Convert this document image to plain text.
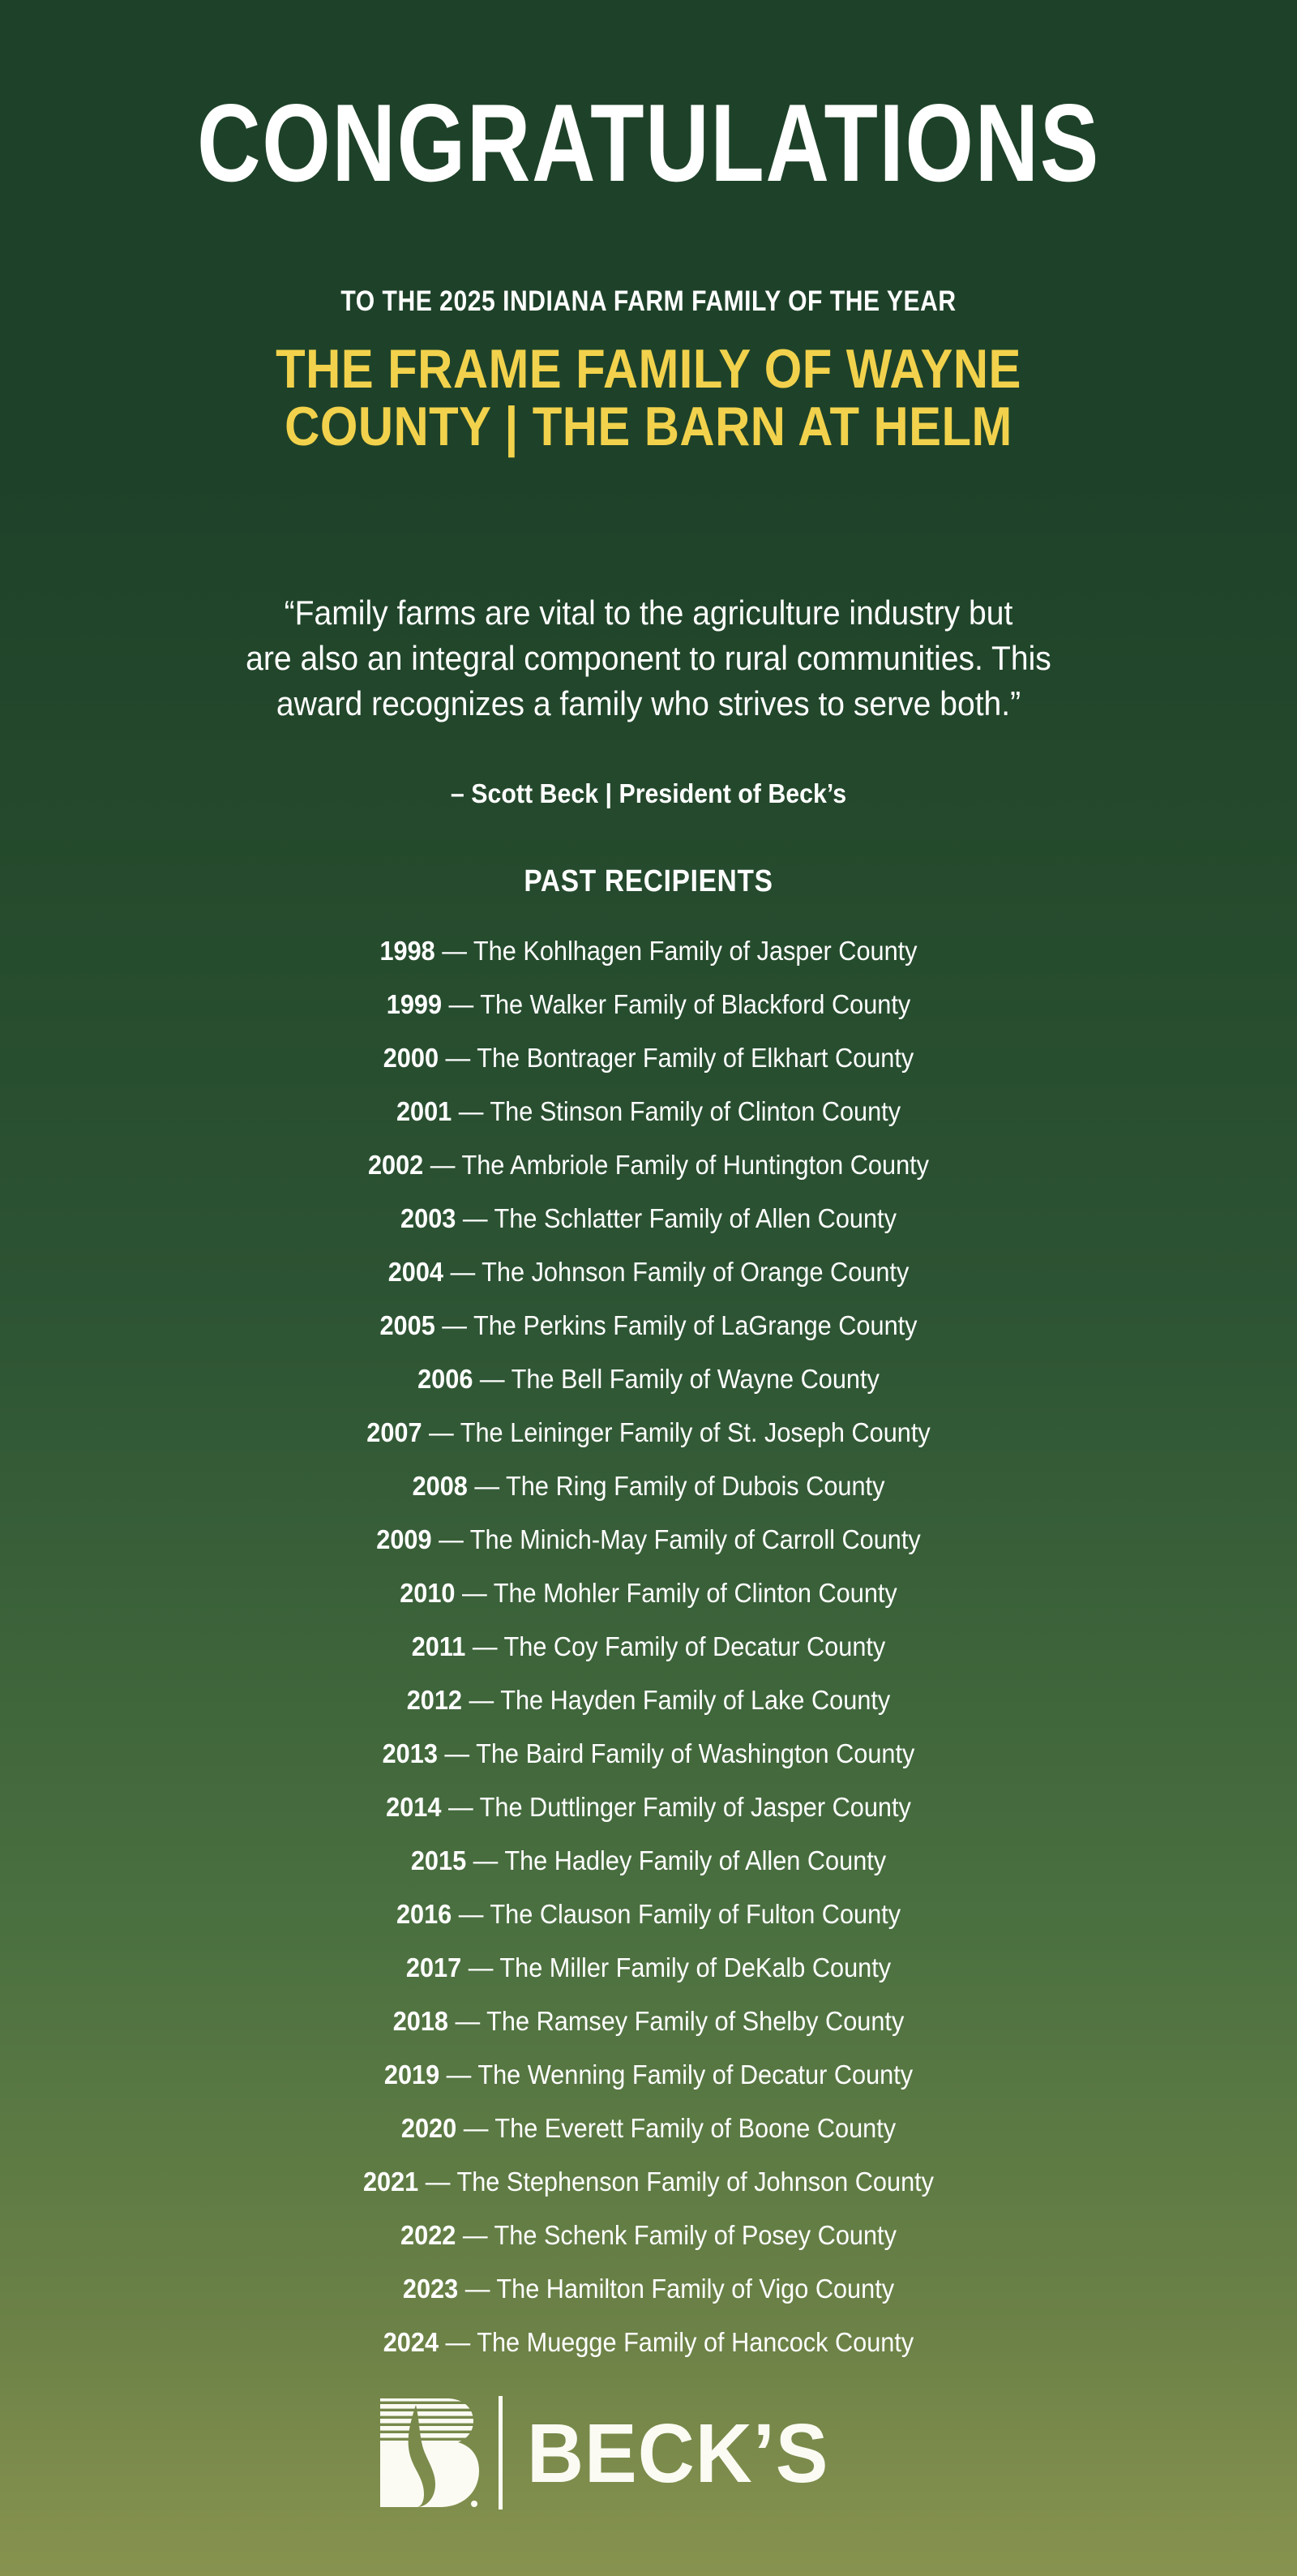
CONGRATULATIONS
TO THE 2025 INDIANA FARM FAMILY OF THE YEAR
THE FRAME FAMILY OF WAYNE
COUNTY | THE BARN AT HELM
“Family farms are vital to the agriculture industry but
are also an integral component to rural communities. This
award recognizes a family who strives to serve both.”
– Scott Beck | President of Beck’s
PAST RECIPIENTS
1998 — The Kohlhagen Family of Jasper County
1999 — The Walker Family of Blackford County
2000 — The Bontrager Family of Elkhart County
2001 — The Stinson Family of Clinton County
2002 — The Ambriole Family of Huntington County
2003 — The Schlatter Family of Allen County
2004 — The Johnson Family of Orange County
2005 — The Perkins Family of LaGrange County
2006 — The Bell Family of Wayne County
2007 — The Leininger Family of St. Joseph County
2008 — The Ring Family of Dubois County
2009 — The Minich-May Family of Carroll County
2010 — The Mohler Family of Clinton County
2011 — The Coy Family of Decatur County
2012 — The Hayden Family of Lake County
2013 — The Baird Family of Washington County
2014 — The Duttlinger Family of Jasper County
2015 — The Hadley Family of Allen County
2016 — The Clauson Family of Fulton County
2017 — The Miller Family of DeKalb County
2018 — The Ramsey Family of Shelby County
2019 — The Wenning Family of Decatur County
2020 — The Everett Family of Boone County
2021 — The Stephenson Family of Johnson County
2022 — The Schenk Family of Posey County
2023 — The Hamilton Family of Vigo County
2024 — The Muegge Family of Hancock County
BECK’S
